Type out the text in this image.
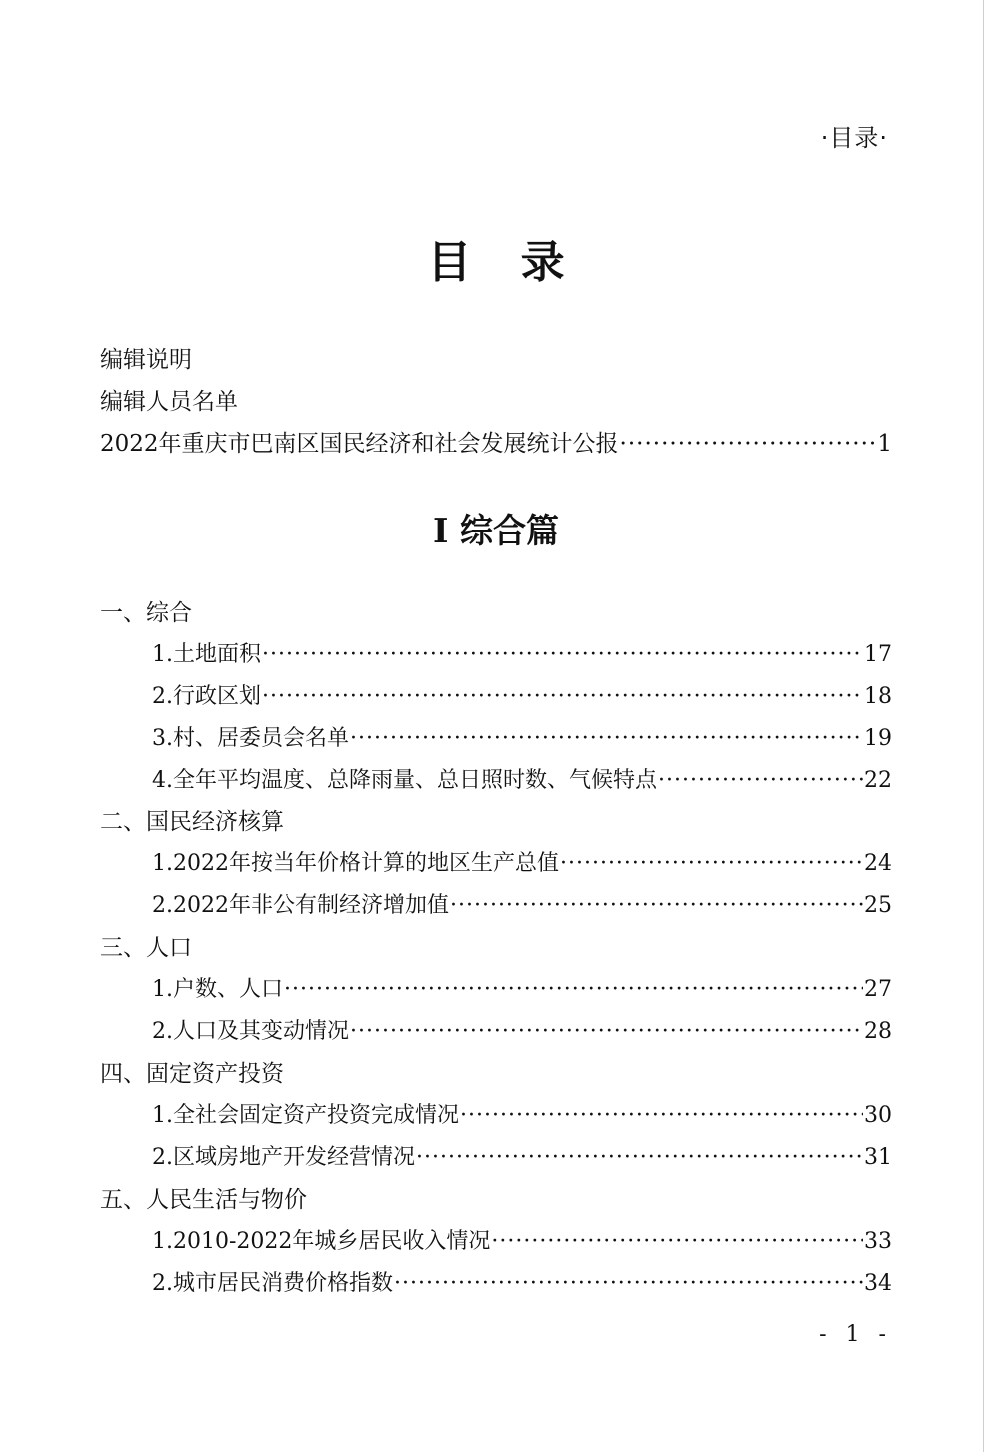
·目录·
目 录
编辑说明
编辑人员名单
2022年重庆市巴南区国民经济和社会发展统计公报 ·····	1
I 综合篇
一、综合
1.土地面积 ·····	17
2.行政区划 ·····	18
3.村、居委员会名单 ·····	19
4.全年平均温度、总降雨量、总日照时数、气候特点 ·····	22
二、国民经济核算
1.2022年按当年价格计算的地区生产总值 ·····	24
2.2022年非公有制经济增加值 ·····	25
三、人口
1.户数、人口 ·····	27
2.人口及其变动情况 ·····	28
四、固定资产投资
1.全社会固定资产投资完成情况 ·····	30
2.区域房地产开发经营情况 ·····	31
五、人民生活与物价
1.2010-2022年城乡居民收入情况 ·····	33
2.城市居民消费价格指数 ·····	34
- 1 -
